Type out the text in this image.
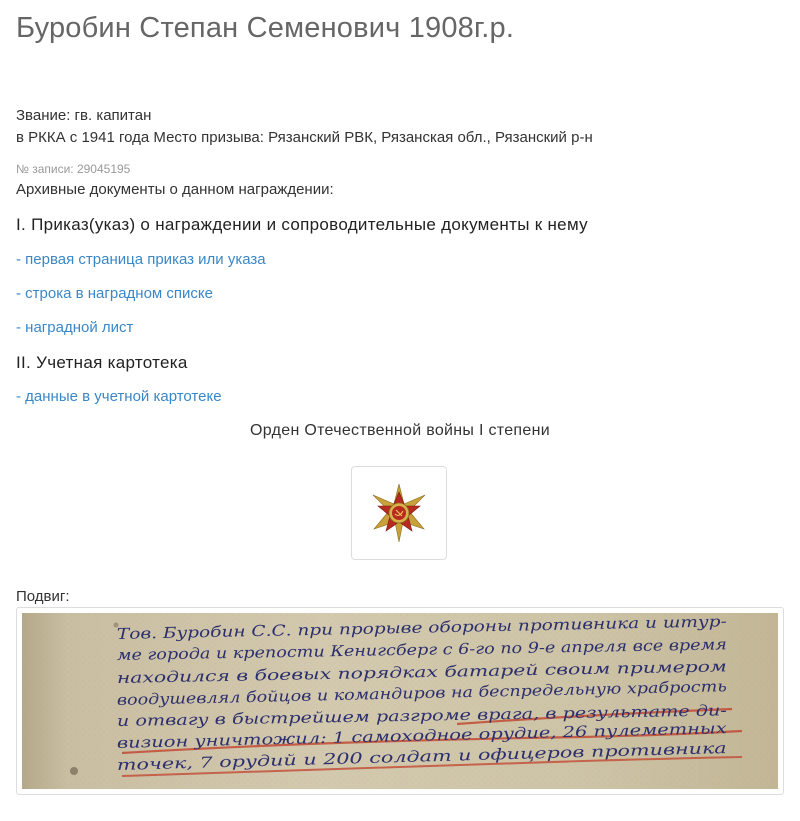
Буробин Степан Семенович 1908г.р.
Звание: гв. капитан
в РККА с 1941 года Место призыва: Рязанский РВК, Рязанская обл., Рязанский р-н
№ записи: 29045195
Архивные документы о данном награждении:
I. Приказ(указ) о награждении и сопроводительные документы к нему
- первая страница приказ или указа
- строка в наградном списке
- наградной лист
II. Учетная картотека
- данные в учетной картотеке
Орден Отечественной войны I степени
Подвиг:
Тов. Буробин С.С. при прорыве обороны противника и штур-
ме города и крепости Кенигсберг с 6-го по 9-е апреля все время
находился в боевых порядках батарей своим примером
воодушевлял бойцов и командиров на беспредельную храбрость
и отвагу в быстрейшем разгроме врага, в результате ди-
визион уничтожил: 1 самоходное орудие, 26 пулеметных
точек, 7 орудий и 200 солдат и офицеров противника
